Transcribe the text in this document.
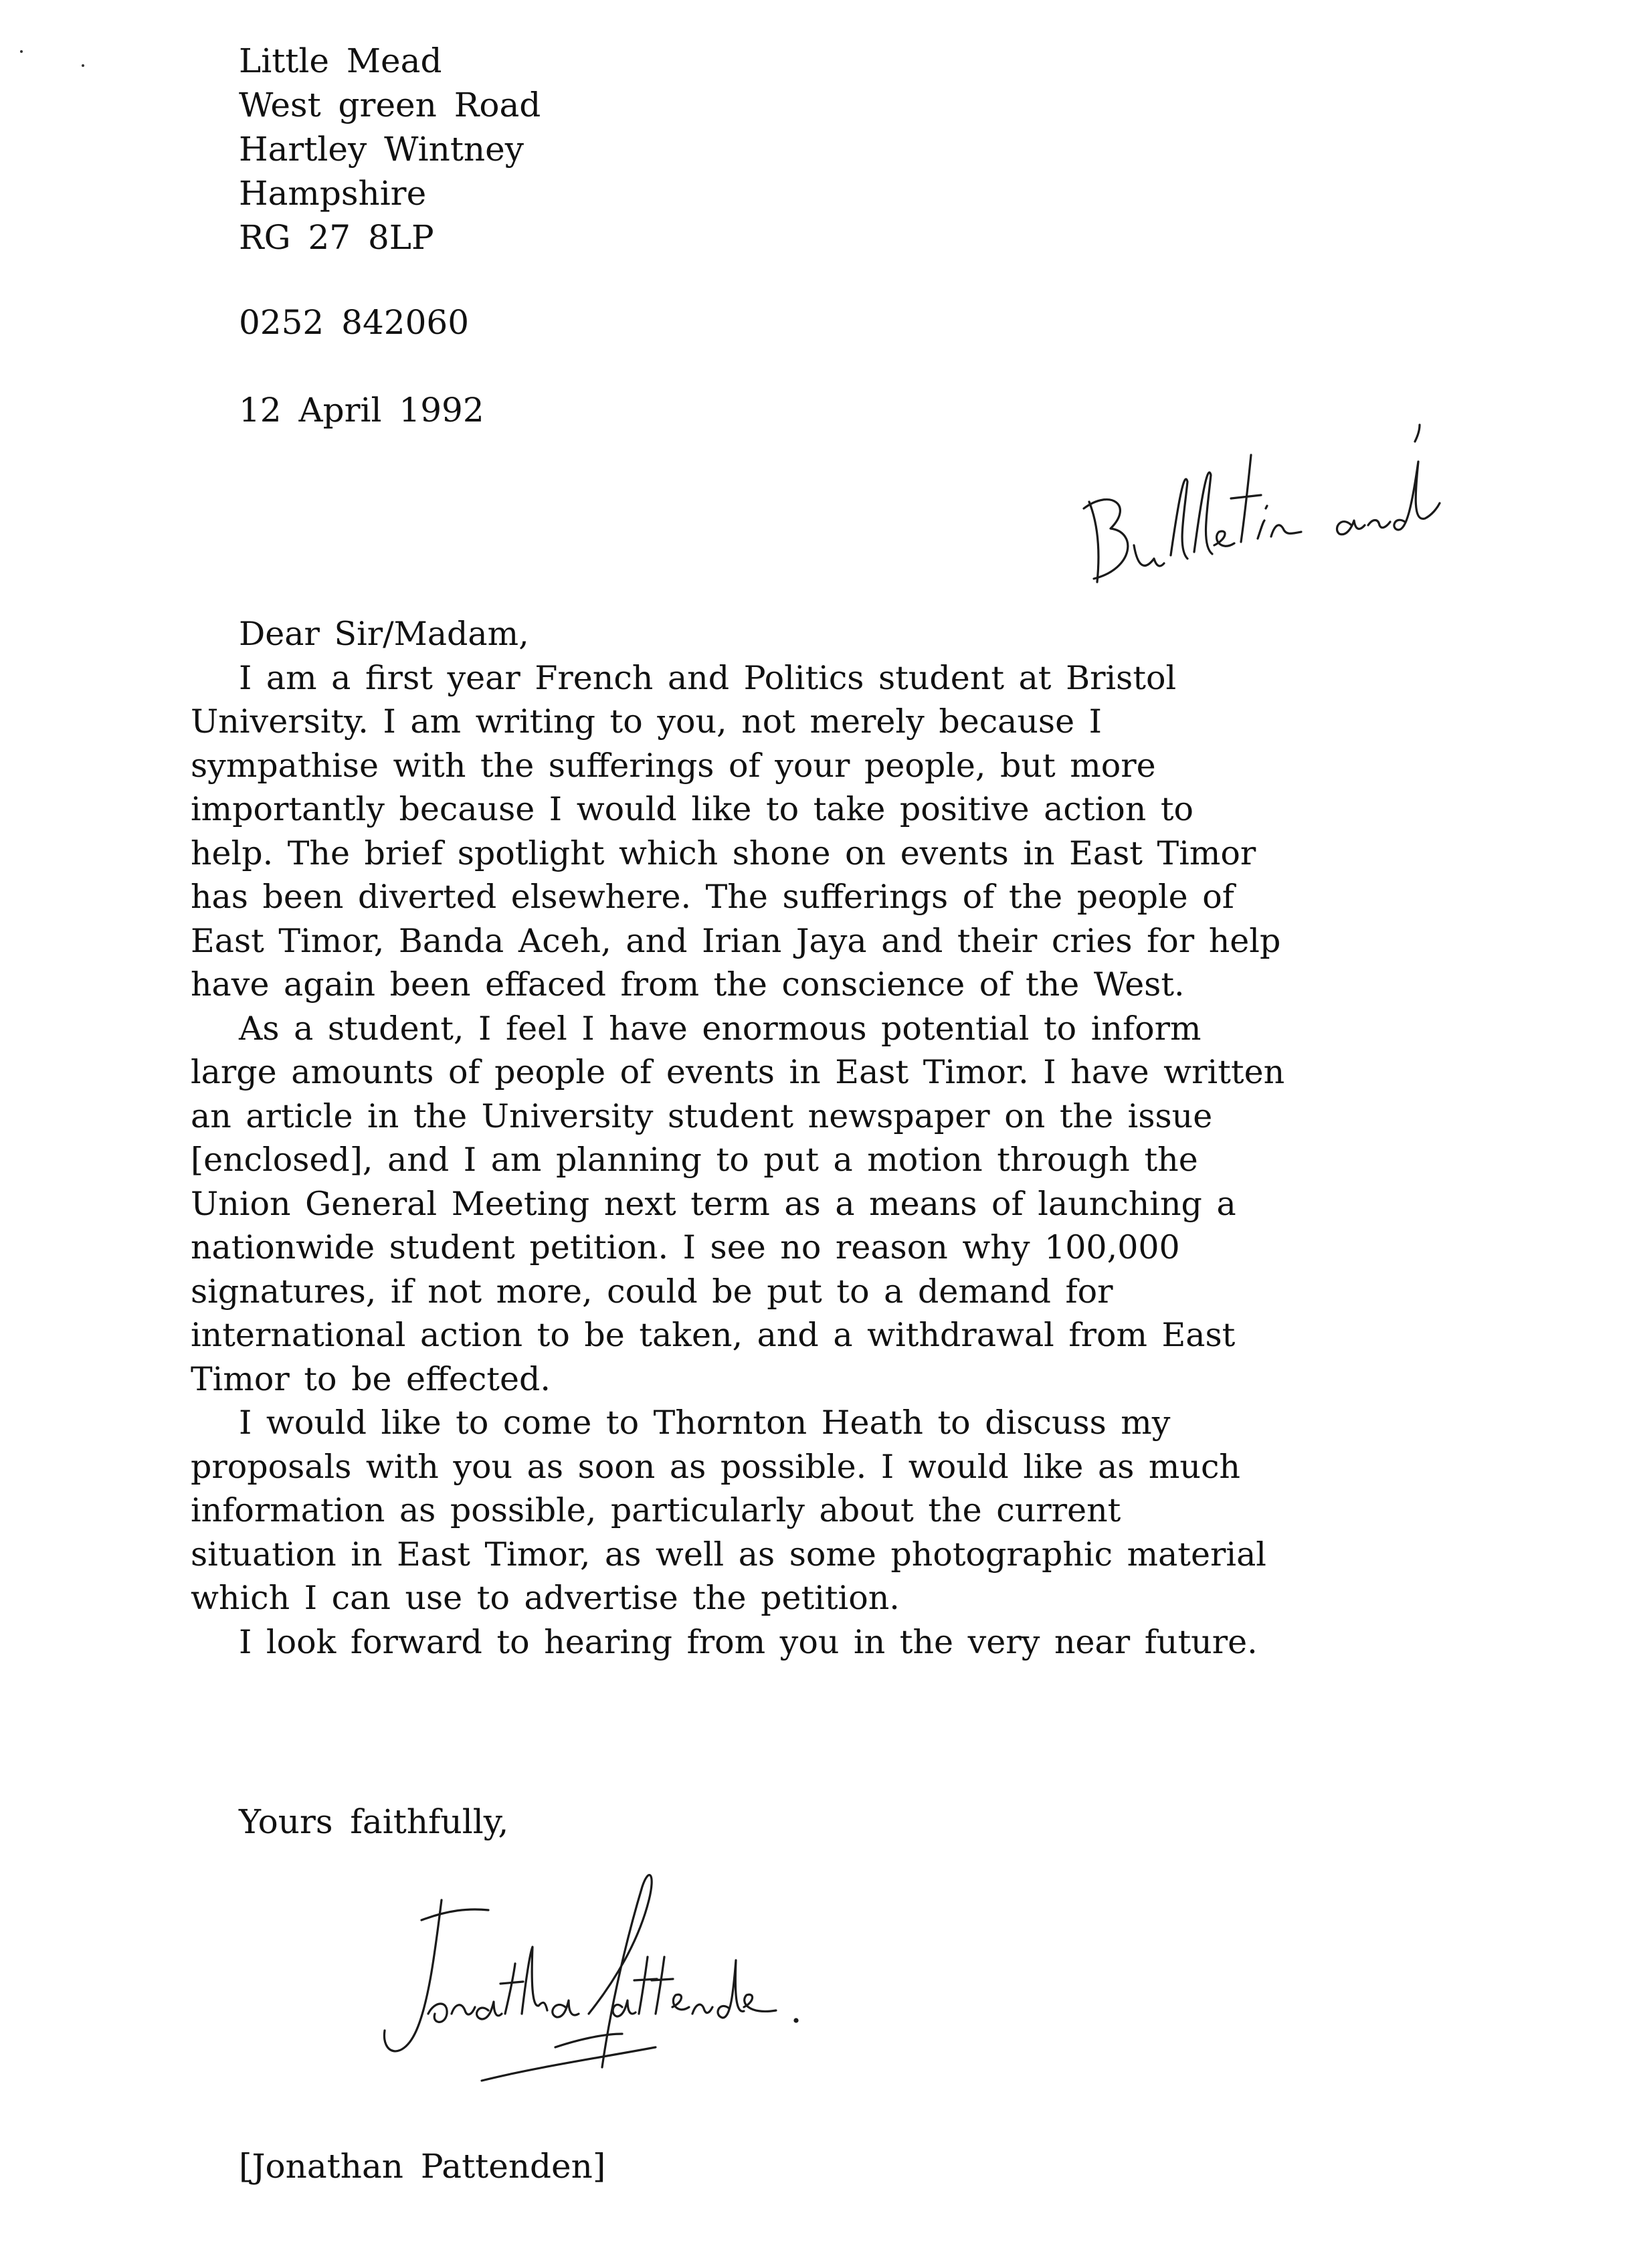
Little Mead
West green Road
Hartley Wintney
Hampshire
RG 27 8LP
0252 842060
12 April 1992
Dear Sir/Madam,
I am a first year French and Politics student at Bristol
University. I am writing to you, not merely because I
sympathise with the sufferings of your people, but more
importantly because I would like to take positive action to
help. The brief spotlight which shone on events in East Timor
has been diverted elsewhere. The sufferings of the people of
East Timor, Banda Aceh, and Irian Jaya and their cries for help
have again been effaced from the conscience of the West.
As a student, I feel I have enormous potential to inform
large amounts of people of events in East Timor. I have written
an article in the University student newspaper on the issue
[enclosed], and I am planning to put a motion through the
Union General Meeting next term as a means of launching a
nationwide student petition. I see no reason why 100,000
signatures, if not more, could be put to a demand for
international action to be taken, and a withdrawal from East
Timor to be effected.
I would like to come to Thornton Heath to discuss my
proposals with you as soon as possible. I would like as much
information as possible, particularly about the current
situation in East Timor, as well as some photographic material
which I can use to advertise the petition.
I look forward to hearing from you in the very near future.
Yours faithfully,
[Jonathan Pattenden]
